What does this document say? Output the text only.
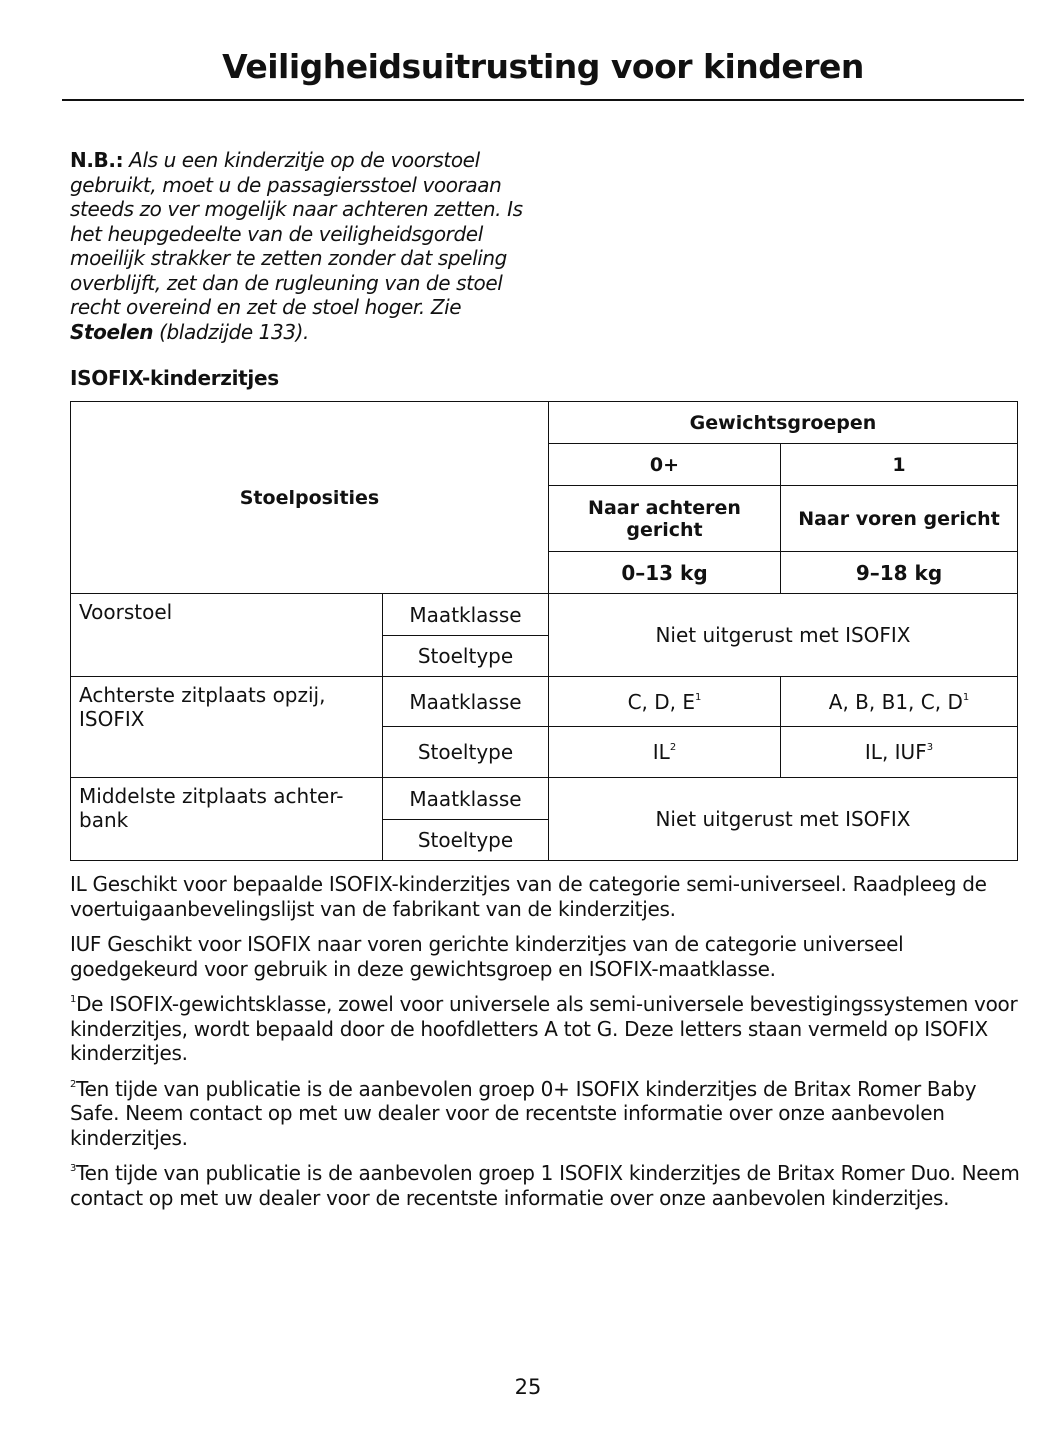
Veiligheidsuitrusting voor kinderen
N.B.: Als u een kinderzitje op de voorstoel gebruikt, moet u de passagiersstoel vooraan steeds zo ver mogelijk naar achteren zetten. Is het heupgedeelte van de veiligheidsgordel moeilijk strakker te zetten zonder dat speling overblijft, zet dan de rugleuning van de stoel recht overeind en zet de stoel hoger. Zie Stoelen (bladzijde 133).
ISOFIX-kinderzitjes
Stoelposities		Gewichtsgroepen	
		0+	1
		Naar achteren gericht	Naar voren gericht
		0–13 kg	9–18 kg
Voorstoel	Maatklasse	Niet uitgerust met ISOFIX	
	Stoeltype		
Achterste zitplaats opzij, ISOFIX	Maatklasse	C, D, $E^1$	A, B, B1, C, $D^1$
	Stoeltype	$IL^2$	IL, IUF$^3$
Middelste zitplaats achter-bank	Maatklasse	Niet uitgerust met ISOFIX	
	Stoeltype		

IL Geschikt voor bepaalde ISOFIX-kinderzitjes van de categorie semi-universeel. Raadpleeg de voertuigaanbevelingslijst van de fabrikant van de kinderzitjes.

IUF Geschikt voor ISOFIX naar voren gerichte kinderzitjes van de categorie universeel goedgekeurd voor gebruik in deze gewichtsgroep en ISOFIX-maatklasse.

$^1$De ISOFIX-gewichtsklasse, zowel voor universele als semi-universele bevestigingssystemen voor kinderzitjes, wordt bepaald door de hoofdletters A tot G. Deze letters staan vermeld op ISOFIX kinderzitjes.

$^2$Ten tijde van publicatie is de aanbevolen groep 0+ ISOFIX kinderzitjes de Britax Romer Baby Safe. Neem contact op met uw dealer voor de recentste informatie over onze aanbevolen kinderzitjes.

$^3$Ten tijde van publicatie is de aanbevolen groep 1 ISOFIX kinderzitjes de Britax Romer Duo. Neem contact op met uw dealer voor de recentste informatie over onze aanbevolen kinderzitjes.

25
